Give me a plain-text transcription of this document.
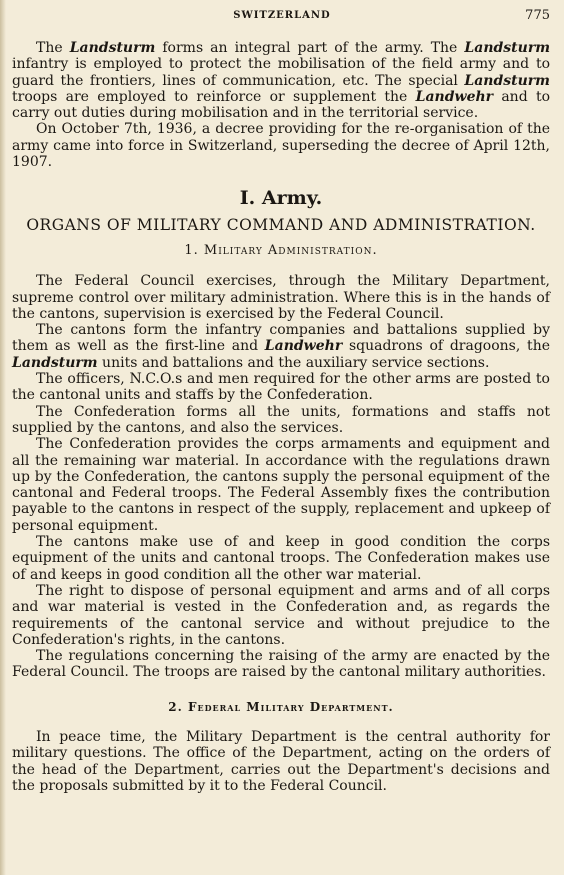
SWITZERLAND	775

The Landsturm forms an integral part of the army. The Landsturm infantry is employed to protect the mobilisation of the field army and to guard the frontiers, lines of communication, etc. The special Landsturm troops are employed to reinforce or supplement the Landwehr and to carry out duties during mobilisation and in the territorial service.

On October 7th, 1936, a decree providing for the re-organisation of the army came into force in Switzerland, superseding the decree of April 12th, 1907.

I. Army.
ORGANS OF MILITARY COMMAND AND ADMINISTRATION.
1. Military Administration.

The Federal Council exercises, through the Military Department, supreme control over military administration. Where this is in the hands of the cantons, supervision is exercised by the Federal Council.

The cantons form the infantry companies and battalions supplied by them as well as the first-line and Landwehr squadrons of dragoons, the Landsturm units and battalions and the auxiliary service sections.

The officers, N.C.O.s and men required for the other arms are posted to the cantonal units and staffs by the Confederation.

The Confederation forms all the units, formations and staffs not supplied by the cantons, and also the services.

The Confederation provides the corps armaments and equipment and all the remaining war material. In accordance with the regulations drawn up by the Confederation, the cantons supply the personal equipment of the cantonal and Federal troops. The Federal Assembly fixes the contribution payable to the cantons in respect of the supply, replacement and upkeep of personal equipment.

The cantons make use of and keep in good condition the corps equipment of the units and cantonal troops. The Confederation makes use of and keeps in good condition all the other war material.

The right to dispose of personal equipment and arms and of all corps and war material is vested in the Confederation and, as regards the requirements of the cantonal service and without prejudice to the Confederation's rights, in the cantons.

The regulations concerning the raising of the army are enacted by the Federal Council. The troops are raised by the cantonal military authorities.

2. Federal Military Department.

In peace time, the Military Department is the central authority for military questions. The office of the Department, acting on the orders of the head of the Department, carries out the Department's decisions and the proposals submitted by it to the Federal Council.
